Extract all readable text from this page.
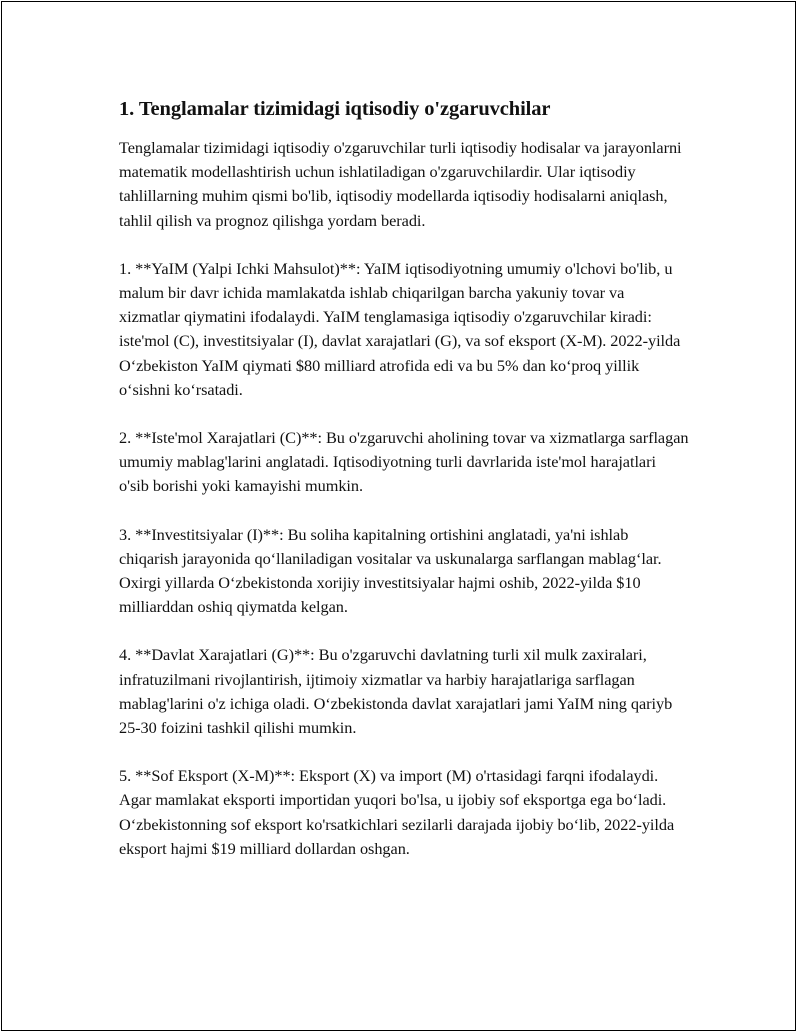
1. Tenglamalar tizimidagi iqtisodiy o'zgaruvchilar

Tenglamalar tizimidagi iqtisodiy o'zgaruvchilar turli iqtisodiy hodisalar va jarayonlarni matematik modellashtirish uchun ishlatiladigan o'zgaruvchilardir. Ular iqtisodiy tahlillarning muhim qismi bo'lib, iqtisodiy modellarda iqtisodiy hodisalarni aniqlash, tahlil qilish va prognoz qilishga yordam beradi.

1. **YaIM (Yalpi Ichki Mahsulot)**: YaIM iqtisodiyotning umumiy o'lchovi bo'lib, u malum bir davr ichida mamlakatda ishlab chiqarilgan barcha yakuniy tovar va xizmatlar qiymatini ifodalaydi. YaIM tenglamasiga iqtisodiy o'zgaruvchilar kiradi: iste'mol (C), investitsiyalar (I), davlat xarajatlari (G), va sof eksport (X-M). 2022-yilda O‘zbekiston YaIM qiymati $80 milliard atrofida edi va bu 5% dan ko‘proq yillik o‘sishni ko‘rsatadi.

2. **Iste'mol Xarajatlari (C)**: Bu o'zgaruvchi aholining tovar va xizmatlarga sarflagan umumiy mablag'larini anglatadi. Iqtisodiyotning turli davrlarida iste'mol harajatlari o'sib borishi yoki kamayishi mumkin.

3. **Investitsiyalar (I)**: Bu soliha kapitalning ortishini anglatadi, ya'ni ishlab chiqarish jarayonida qo‘llaniladigan vositalar va uskunalarga sarflangan mablag‘lar. Oxirgi yillarda O‘zbekistonda xorijiy investitsiyalar hajmi oshib, 2022-yilda $10 milliarddan oshiq qiymatda kelgan.

4. **Davlat Xarajatlari (G)**: Bu o'zgaruvchi davlatning turli xil mulk zaxiralari, infratuzilmani rivojlantirish, ijtimoiy xizmatlar va harbiy harajatlariga sarflagan mablag'larini o'z ichiga oladi. O‘zbekistonda davlat xarajatlari jami YaIM ning qariyb 25-30 foizini tashkil qilishi mumkin.

5. **Sof Eksport (X-M)**: Eksport (X) va import (M) o'rtasidagi farqni ifodalaydi. Agar mamlakat eksporti importidan yuqori bo'lsa, u ijobiy sof eksportga ega bo‘ladi. O‘zbekistonning sof eksport ko'rsatkichlari sezilarli darajada ijobiy bo‘lib, 2022-yilda eksport hajmi $19 milliard dollardan oshgan.
